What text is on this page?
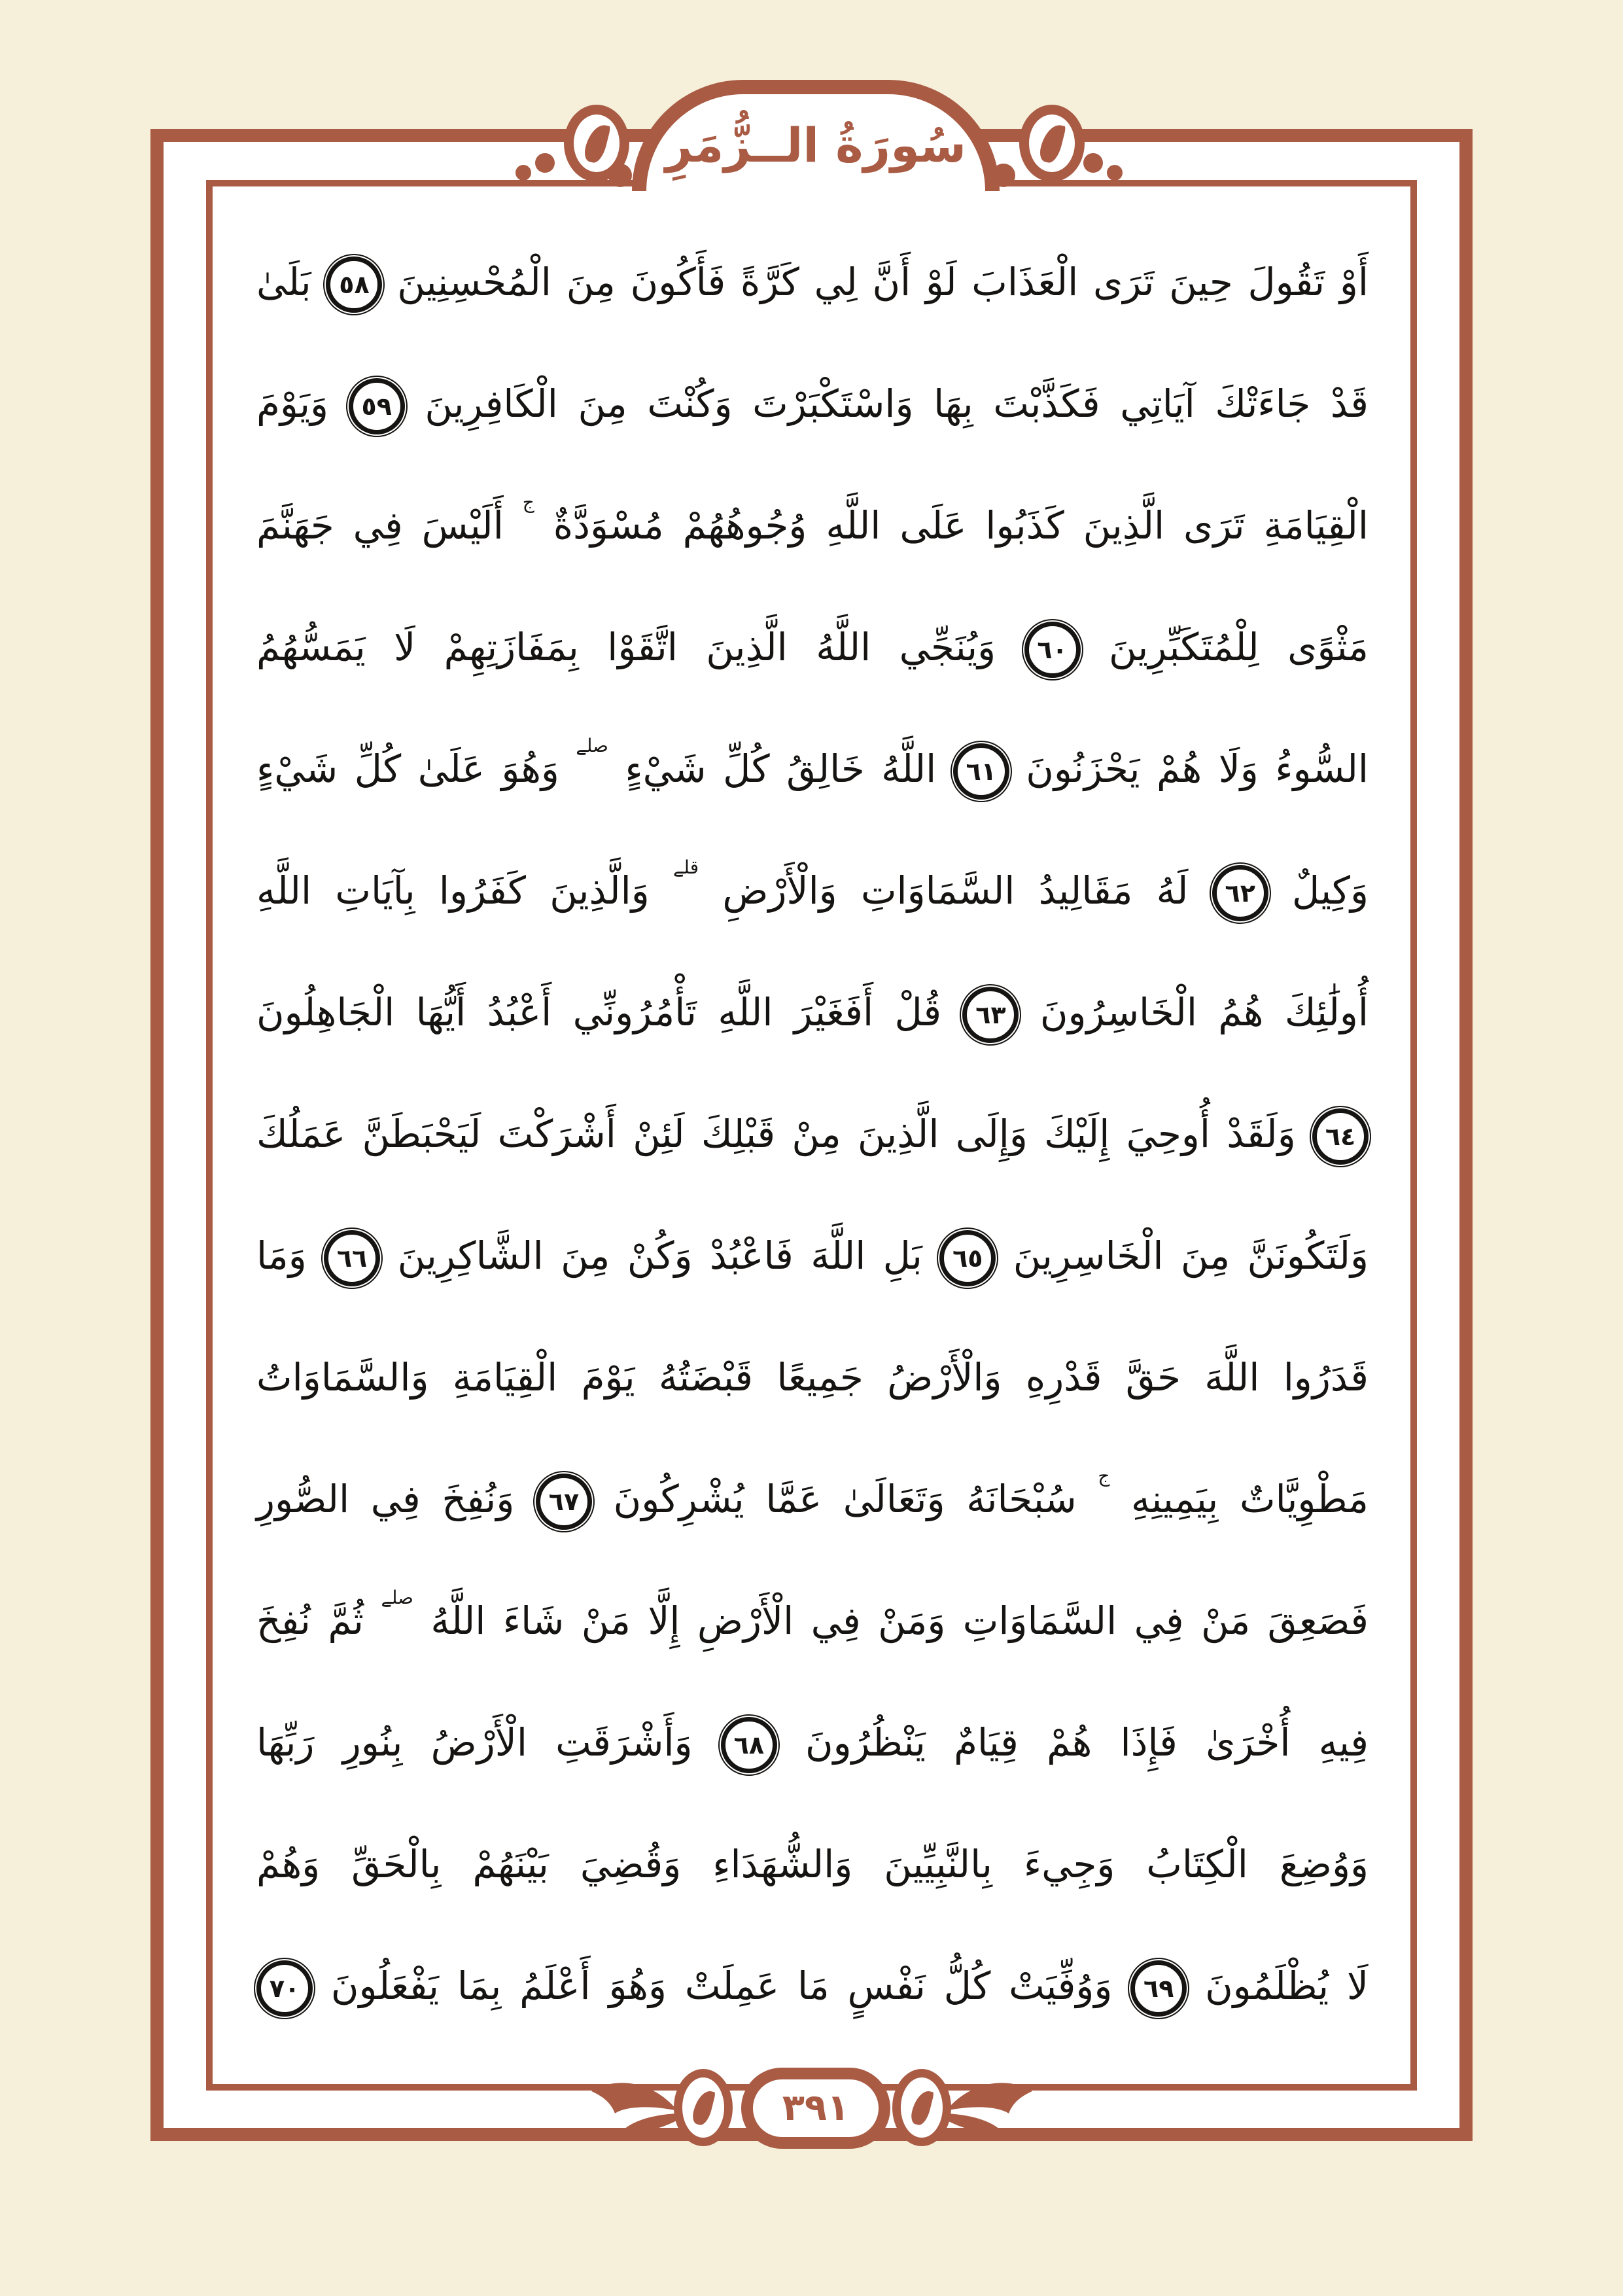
سُورَةُ الــزُّمَرِ
أَوْ تَقُولَ حِينَ تَرَى الْعَذَابَ لَوْ أَنَّ لِي كَرَّةً فَأَكُونَ مِنَ الْمُحْسِنِينَ ٥٨ بَلَىٰ
قَدْ جَاءَتْكَ آيَاتِي فَكَذَّبْتَ بِهَا وَاسْتَكْبَرْتَ وَكُنْتَ مِنَ الْكَافِرِينَ ٥٩ وَيَوْمَ
الْقِيَامَةِ تَرَى الَّذِينَ كَذَبُوا عَلَى اللَّهِ وُجُوهُهُمْ مُسْوَدَّةٌ $^ج$ أَلَيْسَ فِي جَهَنَّمَ
مَثْوًى لِلْمُتَكَبِّرِينَ ٦٠ وَيُنَجِّي اللَّهُ الَّذِينَ اتَّقَوْا بِمَفَازَتِهِمْ لَا يَمَسُّهُمُ
السُّوءُ وَلَا هُمْ يَحْزَنُونَ ٦١ اللَّهُ خَالِقُ كُلِّ شَيْءٍ $^{صلے}$ وَهُوَ عَلَىٰ كُلِّ شَيْءٍ
وَكِيلٌ ٦٢ لَهُ مَقَالِيدُ السَّمَاوَاتِ وَالْأَرْضِ $^{قلے}$ وَالَّذِينَ كَفَرُوا بِآيَاتِ اللَّهِ
أُولَٰئِكَ هُمُ الْخَاسِرُونَ ٦٣ قُلْ أَفَغَيْرَ اللَّهِ تَأْمُرُونِّي أَعْبُدُ أَيُّهَا الْجَاهِلُونَ
٦٤ وَلَقَدْ أُوحِيَ إِلَيْكَ وَإِلَى الَّذِينَ مِنْ قَبْلِكَ لَئِنْ أَشْرَكْتَ لَيَحْبَطَنَّ عَمَلُكَ
وَلَتَكُونَنَّ مِنَ الْخَاسِرِينَ ٦٥ بَلِ اللَّهَ فَاعْبُدْ وَكُنْ مِنَ الشَّاكِرِينَ ٦٦ وَمَا
قَدَرُوا اللَّهَ حَقَّ قَدْرِهِ وَالْأَرْضُ جَمِيعًا قَبْضَتُهُ يَوْمَ الْقِيَامَةِ وَالسَّمَاوَاتُ
مَطْوِيَّاتٌ بِيَمِينِهِ $^ج$ سُبْحَانَهُ وَتَعَالَىٰ عَمَّا يُشْرِكُونَ ٦٧ وَنُفِخَ فِي الصُّورِ
فَصَعِقَ مَنْ فِي السَّمَاوَاتِ وَمَنْ فِي الْأَرْضِ إِلَّا مَنْ شَاءَ اللَّهُ $^{صلے}$ ثُمَّ نُفِخَ
فِيهِ أُخْرَىٰ فَإِذَا هُمْ قِيَامٌ يَنْظُرُونَ ٦٨ وَأَشْرَقَتِ الْأَرْضُ بِنُورِ رَبِّهَا
وَوُضِعَ الْكِتَابُ وَجِيءَ بِالنَّبِيِّينَ وَالشُّهَدَاءِ وَقُضِيَ بَيْنَهُمْ بِالْحَقِّ وَهُمْ
لَا يُظْلَمُونَ ٦٩ وَوُفِّيَتْ كُلُّ نَفْسٍ مَا عَمِلَتْ وَهُوَ أَعْلَمُ بِمَا يَفْعَلُونَ ٧٠
٣٩١
